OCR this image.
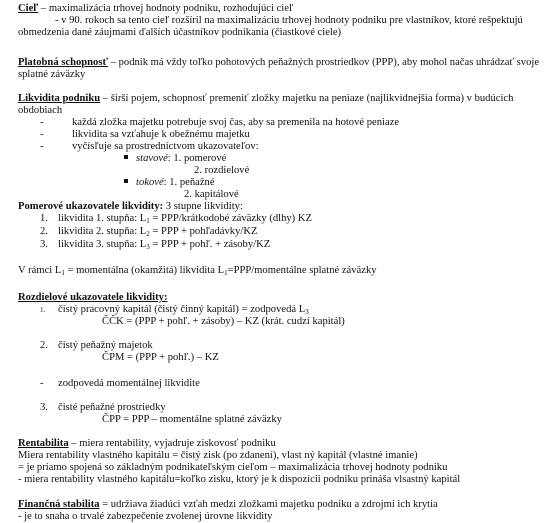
Cieľ – maximalizácia trhovej hodnoty podniku, rozhodujúci cieľ
- v 90. rokoch sa tento cieľ rozšíril na maximalizáciu trhovej hodnoty podniku pre vlastníkov, ktoré rešpektujú
obmedzenia dané záujmami ďalších účastníkov podnikania (čiastkové ciele)
Platobná schopnosť – podnik má vždy toľko pohotových peňažných prostriedkov (PPP), aby mohol načas uhrádzať svoje
splatné záväzky
Likvidita podniku – širší pojem, schopnosť premeniť zložky majetku na peniaze (najlikvidnejšia forma) v budúcich
obdobiach
-	každá zložka majetku potrebuje svoj čas, aby sa premenila na hotové peniaze
-	likvidita sa vzťahuje k obežnému majetku
-	vyčísľuje sa prostredníctvom ukazovateľov:
stavové: 1. pomerové
2. rozdielové
tokové: 1. peňažné
2. kapitálové
Pomerové ukazovatele likvidity: 3 stupne likvidity:
1. likvidita 1. stupňa: $L_1$ = PPP/krátkodobé záväzky (dlhy) KZ
2. likvidita 2. stupňa: $L_2$ = PPP + pohľadávky/KZ
3. likvidita 3. stupňa: $L_3$ = PPP + pohľ. + zásoby/KZ
V rámci $L_1$ = momentálna (okamžitá) likvidita $L_1=PPP$/momentálne splatné záväzky
Rozdielové ukazovatele likvidity:
1. čistý pracovný kapitál (čistý činný kapitál) = zodpovedá $L_3$
ČČK = (PPP + pohľ. + zásoby) – KZ (krát. cudzí kapitál)
2. čistý peňažný majetok
ČPM = (PPP + pohľ.) – KZ
- zodpovedá momentálnej likvidite
3. čisté peňažné prostriedky
ČPP = PPP – momentálne splatné záväzky
Rentabilita – miera rentability, vyjadruje ziskovosť podniku
Miera rentability vlastného kapitálu = čistý zisk (po zdanení), vlast ný kapitál (vlastné imanie)
= je priamo spojená so základným podnikateľským cieľom – maximalizácia trhovej hodnoty podniku
- miera rentability vlastného kapitálu=koľko zisku, ktorý je k dispozícii podniku prináša vlsastný kapitál
Finančná stabilita = udržiava žiadúci vzťah medzi zložkami majetku podniku a zdrojmi ich krytia
- je to snaha o trvalé zabezpečenie zvolenej úrovne likvidity
